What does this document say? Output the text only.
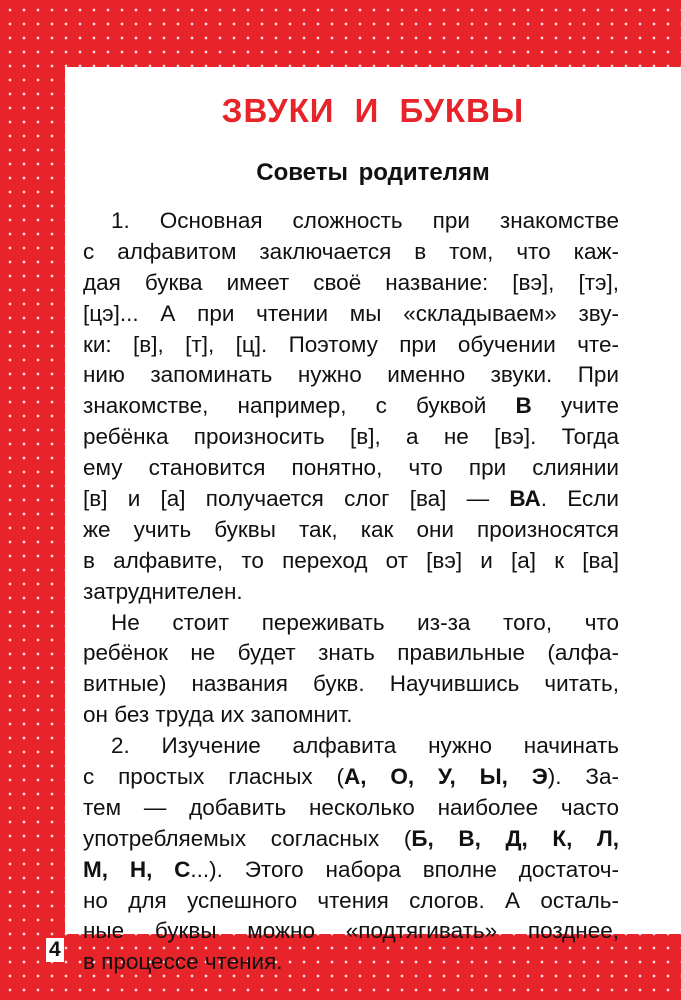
ЗВУКИ И БУКВЫ
Советы родителям
1. Основная сложность при знакомстве
с алфавитом заключается в том, что каж-
дая буква имеет своё название: [вэ], [тэ],
[цэ]... А при чтении мы «складываем» зву-
ки: [в], [т], [ц]. Поэтому при обучении чте-
нию запоминать нужно именно звуки. При
знакомстве, например, с буквой В учите
ребёнка произносить [в], а не [вэ]. Тогда
ему становится понятно, что при слиянии
[в] и [а] получается слог [ва] — ВА. Если
же учить буквы так, как они произносятся
в алфавите, то переход от [вэ] и [а] к [ва]
затруднителен.
Не стоит переживать из-за того, что
ребёнок не будет знать правильные (алфа-
витные) названия букв. Научившись читать,
он без труда их запомнит.
2. Изучение алфавита нужно начинать
с простых гласных (А, О, У, Ы, Э). За-
тем — добавить несколько наиболее часто
употребляемых согласных (Б, В, Д, К, Л,
М, Н, С...). Этого набора вполне достаточ-
но для успешного чтения слогов. А осталь-
ные буквы можно «подтягивать» позднее,
в процессе чтения.
4
